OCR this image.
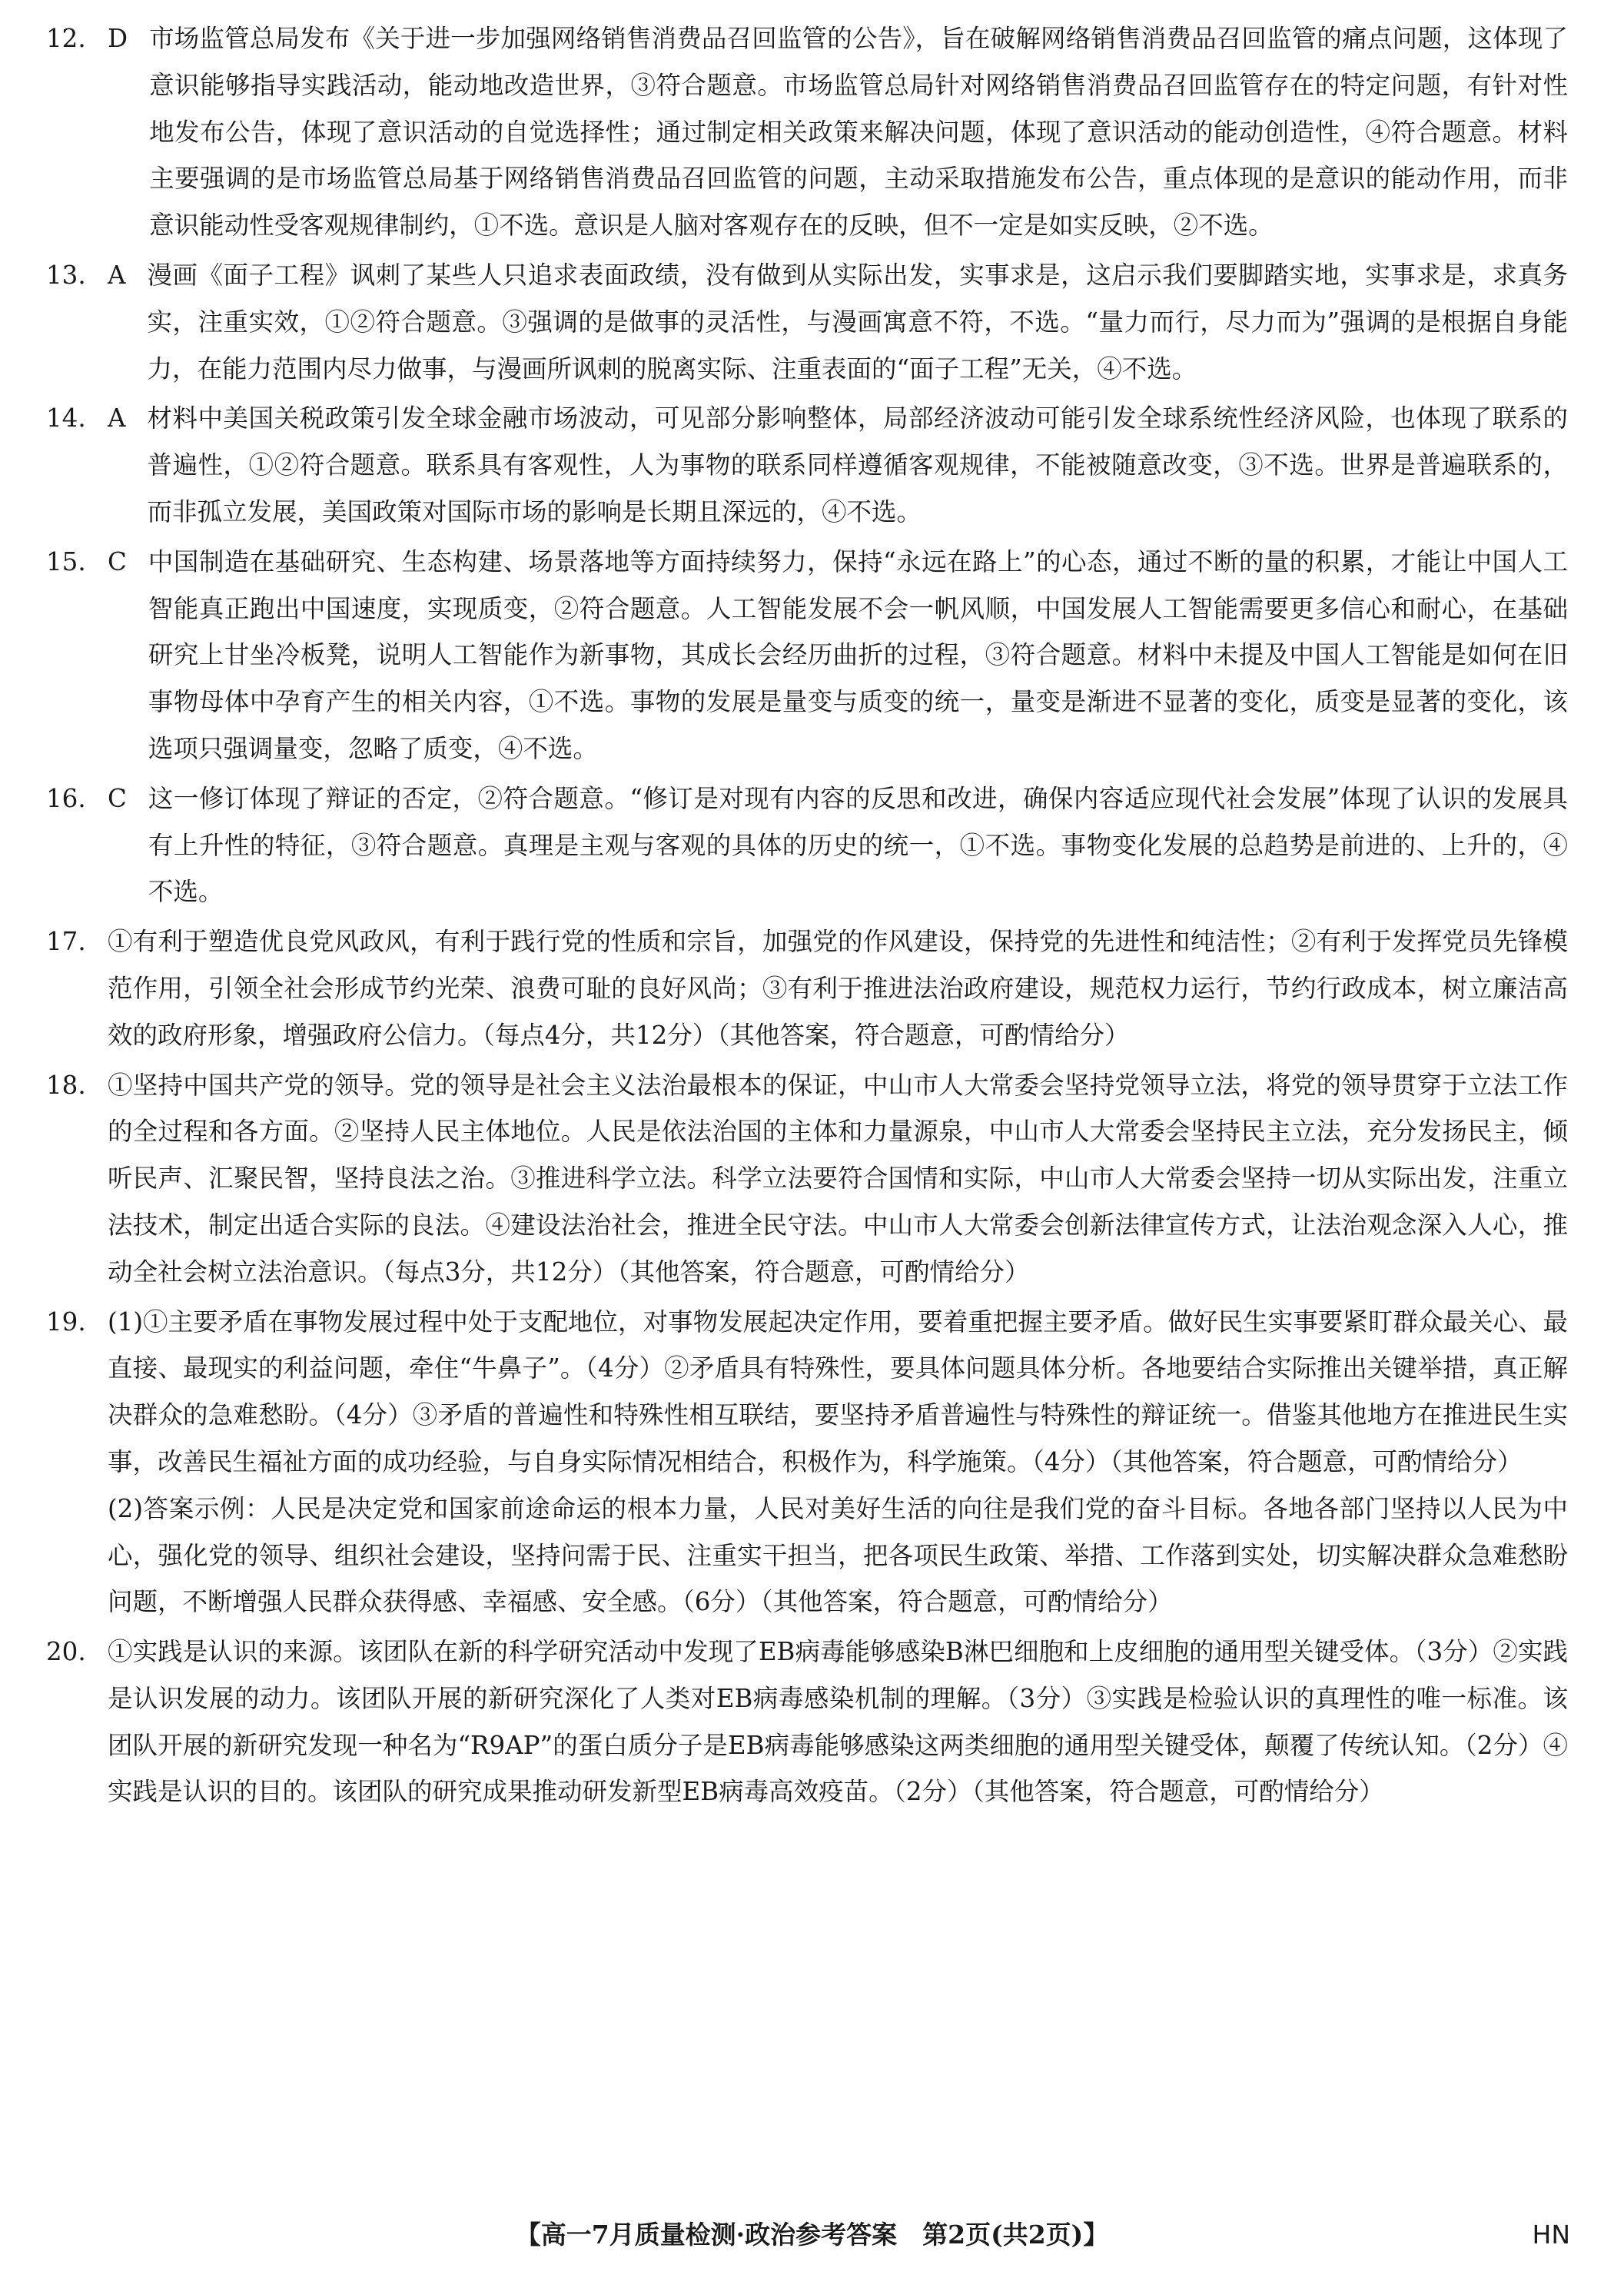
12. D 市场监管总局发布《关于进一步加强网络销售消费品召回监管的公告》，旨在破解网络销售消费品召回监管的痛点问题，这体现了意识能够指导实践活动，能动地改造世界，③符合题意。市场监管总局针对网络销售消费品召回监管存在的特定问题，有针对性地发布公告，体现了意识活动的自觉选择性；通过制定相关政策来解决问题，体现了意识活动的能动创造性，④符合题意。材料主要强调的是市场监管总局基于网络销售消费品召回监管的问题，主动采取措施发布公告，重点体现的是意识的能动作用，而非意识能动性受客观规律制约，①不选。意识是人脑对客观存在的反映，但不一定是如实反映，②不选。

13. A 漫画《面子工程》讽刺了某些人只追求表面政绩，没有做到从实际出发，实事求是，这启示我们要脚踏实地，实事求是，求真务实，注重实效，①②符合题意。③强调的是做事的灵活性，与漫画寓意不符，不选。“量力而行，尽力而为”强调的是根据自身能力，在能力范围内尽力做事，与漫画所讽刺的脱离实际、注重表面的“面子工程”无关，④不选。

14. A 材料中美国关税政策引发全球金融市场波动，可见部分影响整体，局部经济波动可能引发全球系统性经济风险，也体现了联系的普遍性，①②符合题意。联系具有客观性，人为事物的联系同样遵循客观规律，不能被随意改变，③不选。世界是普遍联系的，而非孤立发展，美国政策对国际市场的影响是长期且深远的，④不选。

15. C 中国制造在基础研究、生态构建、场景落地等方面持续努力，保持“永远在路上”的心态，通过不断的量的积累，才能让中国人工智能真正跑出中国速度，实现质变，②符合题意。人工智能发展不会一帆风顺，中国发展人工智能需要更多信心和耐心，在基础研究上甘坐冷板凳，说明人工智能作为新事物，其成长会经历曲折的过程，③符合题意。材料中未提及中国人工智能是如何在旧事物母体中孕育产生的相关内容，①不选。事物的发展是量变与质变的统一，量变是渐进不显著的变化，质变是显著的变化，该选项只强调量变，忽略了质变，④不选。

16. C 这一修订体现了辩证的否定，②符合题意。“修订是对现有内容的反思和改进，确保内容适应现代社会发展”体现了认识的发展具有上升性的特征，③符合题意。真理是主观与客观的具体的历史的统一，①不选。事物变化发展的总趋势是前进的、上升的，④不选。

17. ①有利于塑造优良党风政风，有利于践行党的性质和宗旨，加强党的作风建设，保持党的先进性和纯洁性；②有利于发挥党员先锋模范作用，引领全社会形成节约光荣、浪费可耻的良好风尚；③有利于推进法治政府建设，规范权力运行，节约行政成本，树立廉洁高效的政府形象，增强政府公信力。（每点4分，共12分）（其他答案，符合题意，可酌情给分）

18. ①坚持中国共产党的领导。党的领导是社会主义法治最根本的保证，中山市人大常委会坚持党领导立法，将党的领导贯穿于立法工作的全过程和各方面。②坚持人民主体地位。人民是依法治国的主体和力量源泉，中山市人大常委会坚持民主立法，充分发扬民主，倾听民声、汇聚民智，坚持良法之治。③推进科学立法。科学立法要符合国情和实际，中山市人大常委会坚持一切从实际出发，注重立法技术，制定出适合实际的良法。④建设法治社会，推进全民守法。中山市人大常委会创新法律宣传方式，让法治观念深入人心，推动全社会树立法治意识。（每点3分，共12分）（其他答案，符合题意，可酌情给分）

19. (1)①主要矛盾在事物发展过程中处于支配地位，对事物发展起决定作用，要着重把握主要矛盾。做好民生实事要紧盯群众最关心、最直接、最现实的利益问题，牵住“牛鼻子”。（4分）②矛盾具有特殊性，要具体问题具体分析。各地要结合实际推出关键举措，真正解决群众的急难愁盼。（4分）③矛盾的普遍性和特殊性相互联结，要坚持矛盾普遍性与特殊性的辩证统一。借鉴其他地方在推进民生实事，改善民生福祉方面的成功经验，与自身实际情况相结合，积极作为，科学施策。（4分）（其他答案，符合题意，可酌情给分）

(2)答案示例：人民是决定党和国家前途命运的根本力量，人民对美好生活的向往是我们党的奋斗目标。各地各部门坚持以人民为中心，强化党的领导、组织社会建设，坚持问需于民、注重实干担当，把各项民生政策、举措、工作落到实处，切实解决群众急难愁盼问题，不断增强人民群众获得感、幸福感、安全感。（6分）（其他答案，符合题意，可酌情给分）

20. ①实践是认识的来源。该团队在新的科学研究活动中发现了EB病毒能够感染B淋巴细胞和上皮细胞的通用型关键受体。（3分）②实践是认识发展的动力。该团队开展的新研究深化了人类对EB病毒感染机制的理解。（3分）③实践是检验认识的真理性的唯一标准。该团队开展的新研究发现一种名为“R9AP”的蛋白质分子是EB病毒能够感染这两类细胞的通用型关键受体，颠覆了传统认知。（2分）④实践是认识的目的。该团队的研究成果推动研发新型EB病毒高效疫苗。（2分）（其他答案，符合题意，可酌情给分）

【高一7月质量检测·政治参考答案　第2页(共2页)】	HN
